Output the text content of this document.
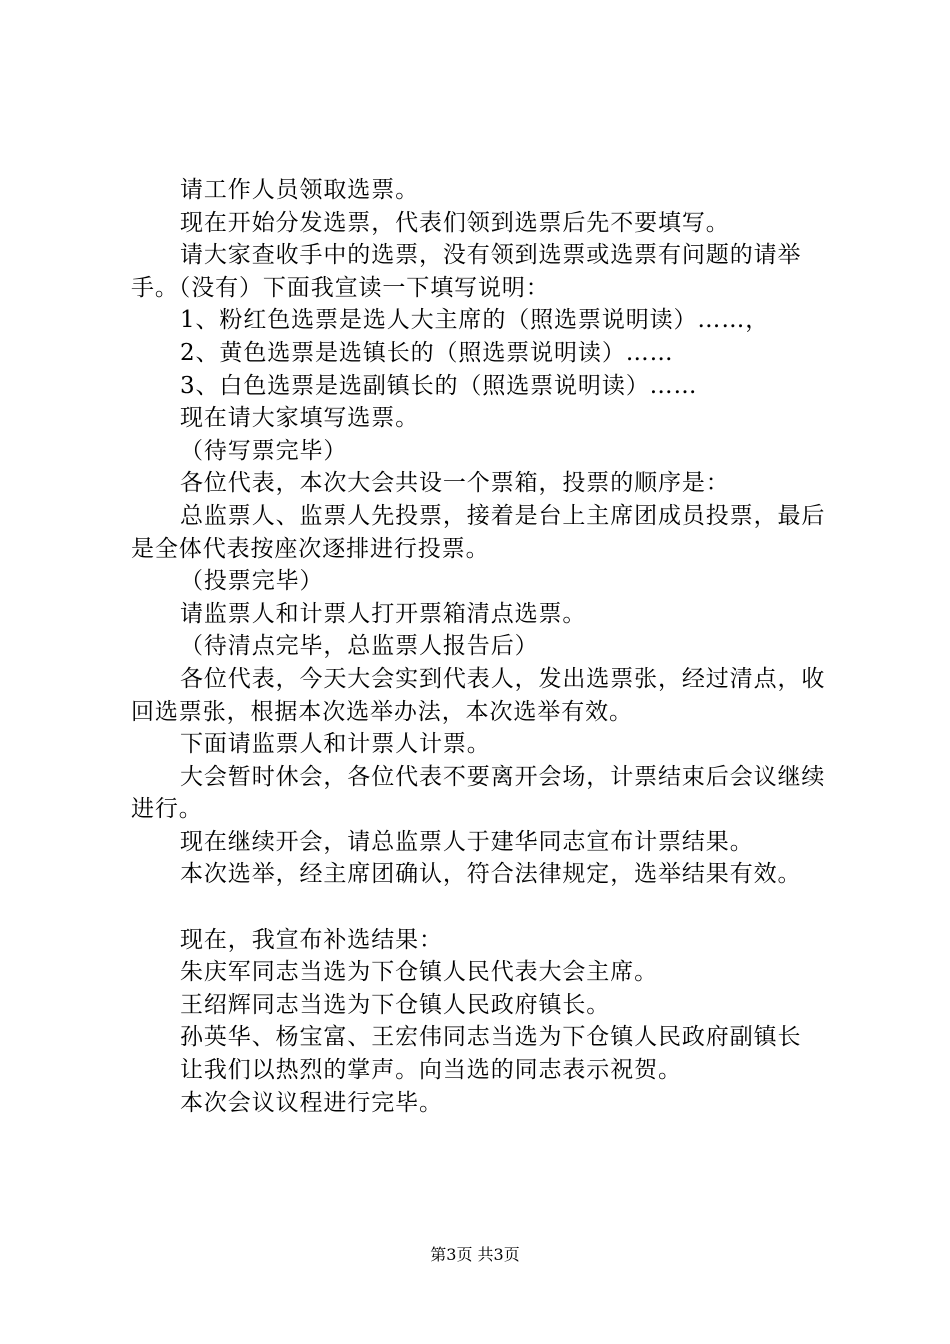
请工作人员领取选票。

现在开始分发选票，代表们领到选票后先不要填写。

请大家查收手中的选票，没有领到选票或选票有问题的请举手。（没有）下面我宣读一下填写说明：

1、粉红色选票是选人大主席的（照选票说明读）……，

2、黄色选票是选镇长的（照选票说明读）……

3、白色选票是选副镇长的（照选票说明读）……

现在请大家填写选票。

（待写票完毕）

各位代表，本次大会共设一个票箱，投票的顺序是：

总监票人、监票人先投票，接着是台上主席团成员投票，最后是全体代表按座次逐排进行投票。

（投票完毕）

请监票人和计票人打开票箱清点选票。

（待清点完毕，总监票人报告后）

各位代表，今天大会实到代表人，发出选票张，经过清点，收回选票张，根据本次选举办法，本次选举有效。

下面请监票人和计票人计票。

大会暂时休会，各位代表不要离开会场，计票结束后会议继续进行。

现在继续开会，请总监票人于建华同志宣布计票结果。

本次选举，经主席团确认，符合法律规定，选举结果有效。

现在，我宣布补选结果：

朱庆军同志当选为下仓镇人民代表大会主席。

王绍辉同志当选为下仓镇人民政府镇长。

孙英华、杨宝富、王宏伟同志当选为下仓镇人民政府副镇长

让我们以热烈的掌声。向当选的同志表示祝贺。

本次会议议程进行完毕。

第3页 共3页
